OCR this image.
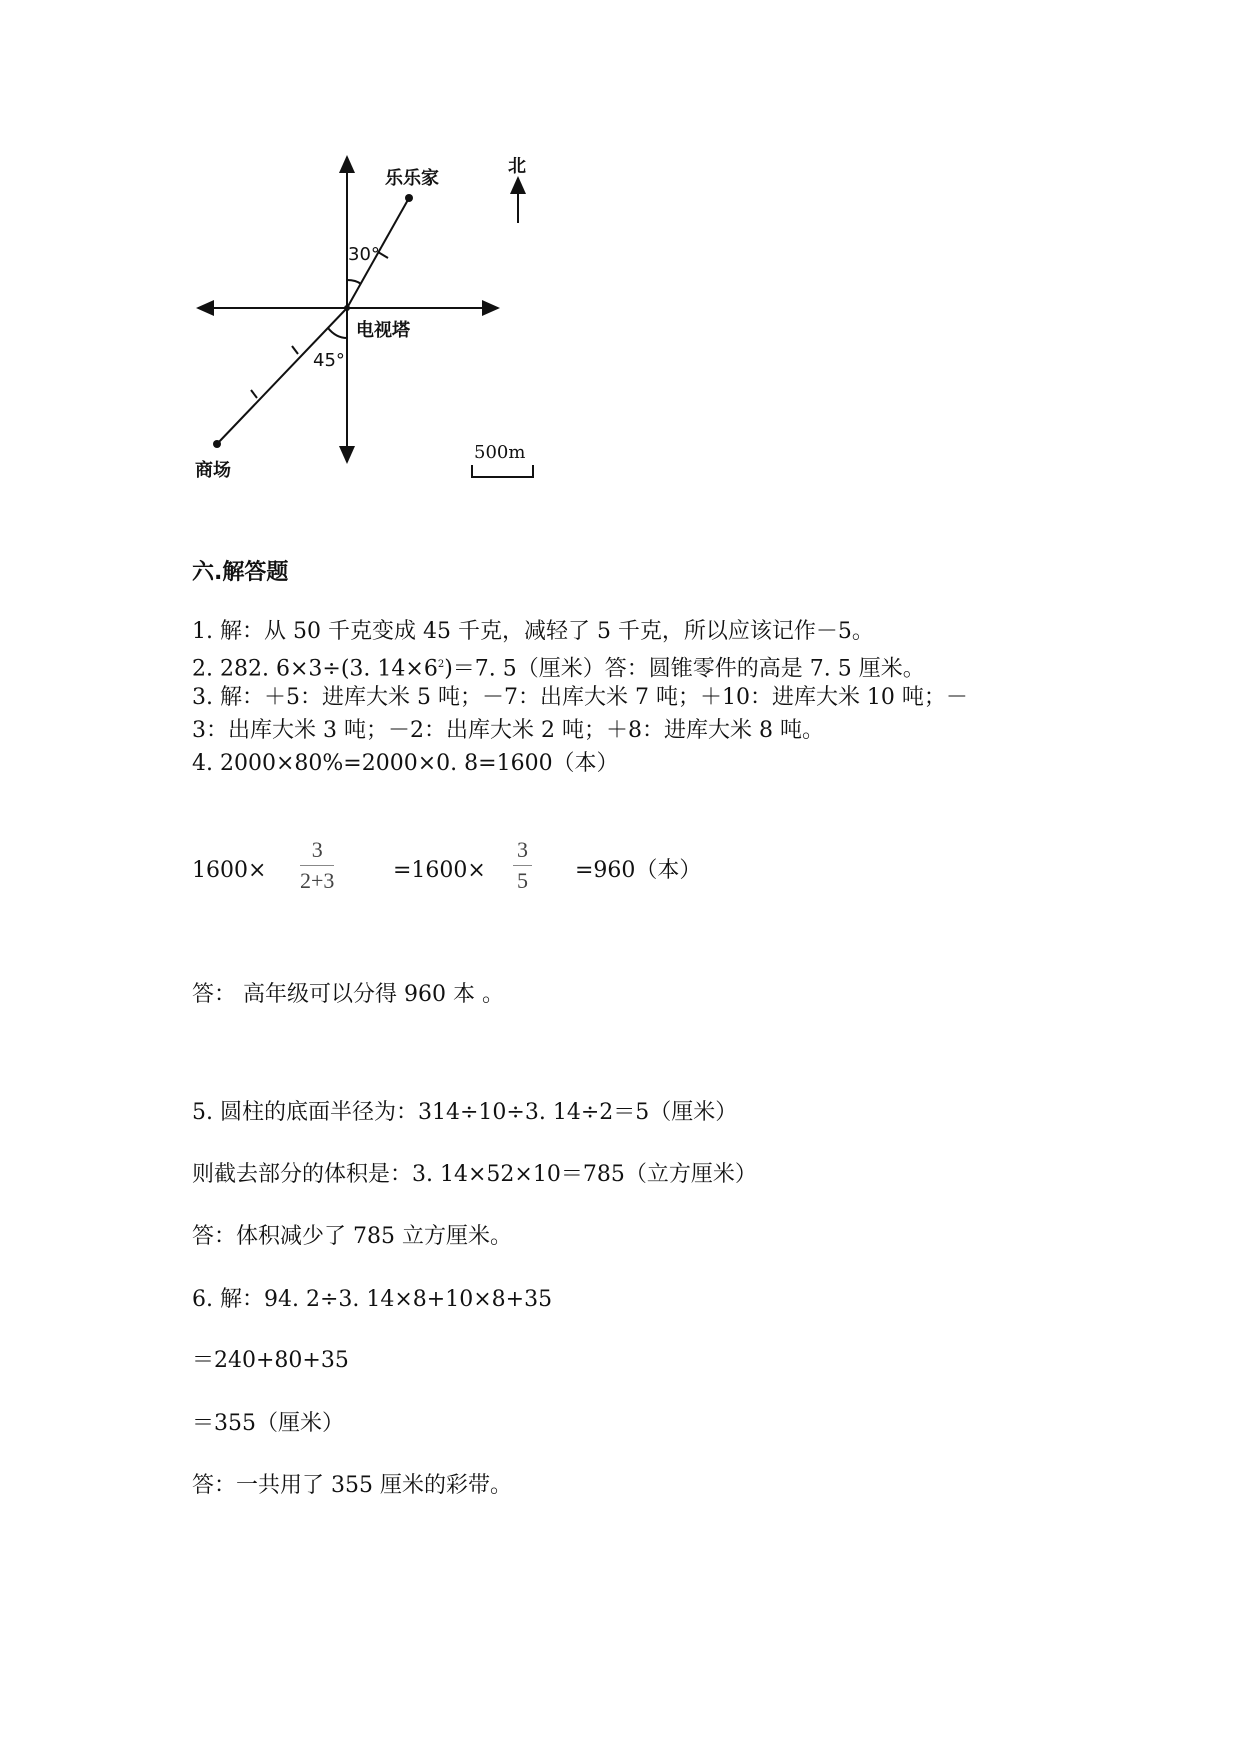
乐乐家
北
30°
电视塔
45°
商场
500m
六.解答题
1. 解：从 50 千克变成 45 千克，减轻了 5 千克，所以应该记作－5。
2. 282. 6×3÷(3. $14\times 6^2)=7$. 5（厘米）答：圆锥零件的高是 7. 5 厘米。
3. 解：＋5：进库大米 5 吨；－7：出库大米 7 吨；＋10：进库大米 10 吨；－
3：出库大米 3 吨；－2：出库大米 2 吨；＋8：进库大米 8 吨。
4. 2000×80%=2000×0. 8=1600（本）
$1600\times \frac{3}{2+3}$	$=1600\times \frac{3}{5} =960$（本）
答： 高年级可以分得 960 本 。
5. 圆柱的底面半径为：314÷10÷3. 14÷2＝5（厘米）
则截去部分的体积是：3. 14×52×10＝785（立方厘米）
答：体积减少了 785 立方厘米。
6. 解：94. 2÷3. 14×8+10×8+35
＝240+80+35
＝355（厘米）
答：一共用了 355 厘米的彩带。
